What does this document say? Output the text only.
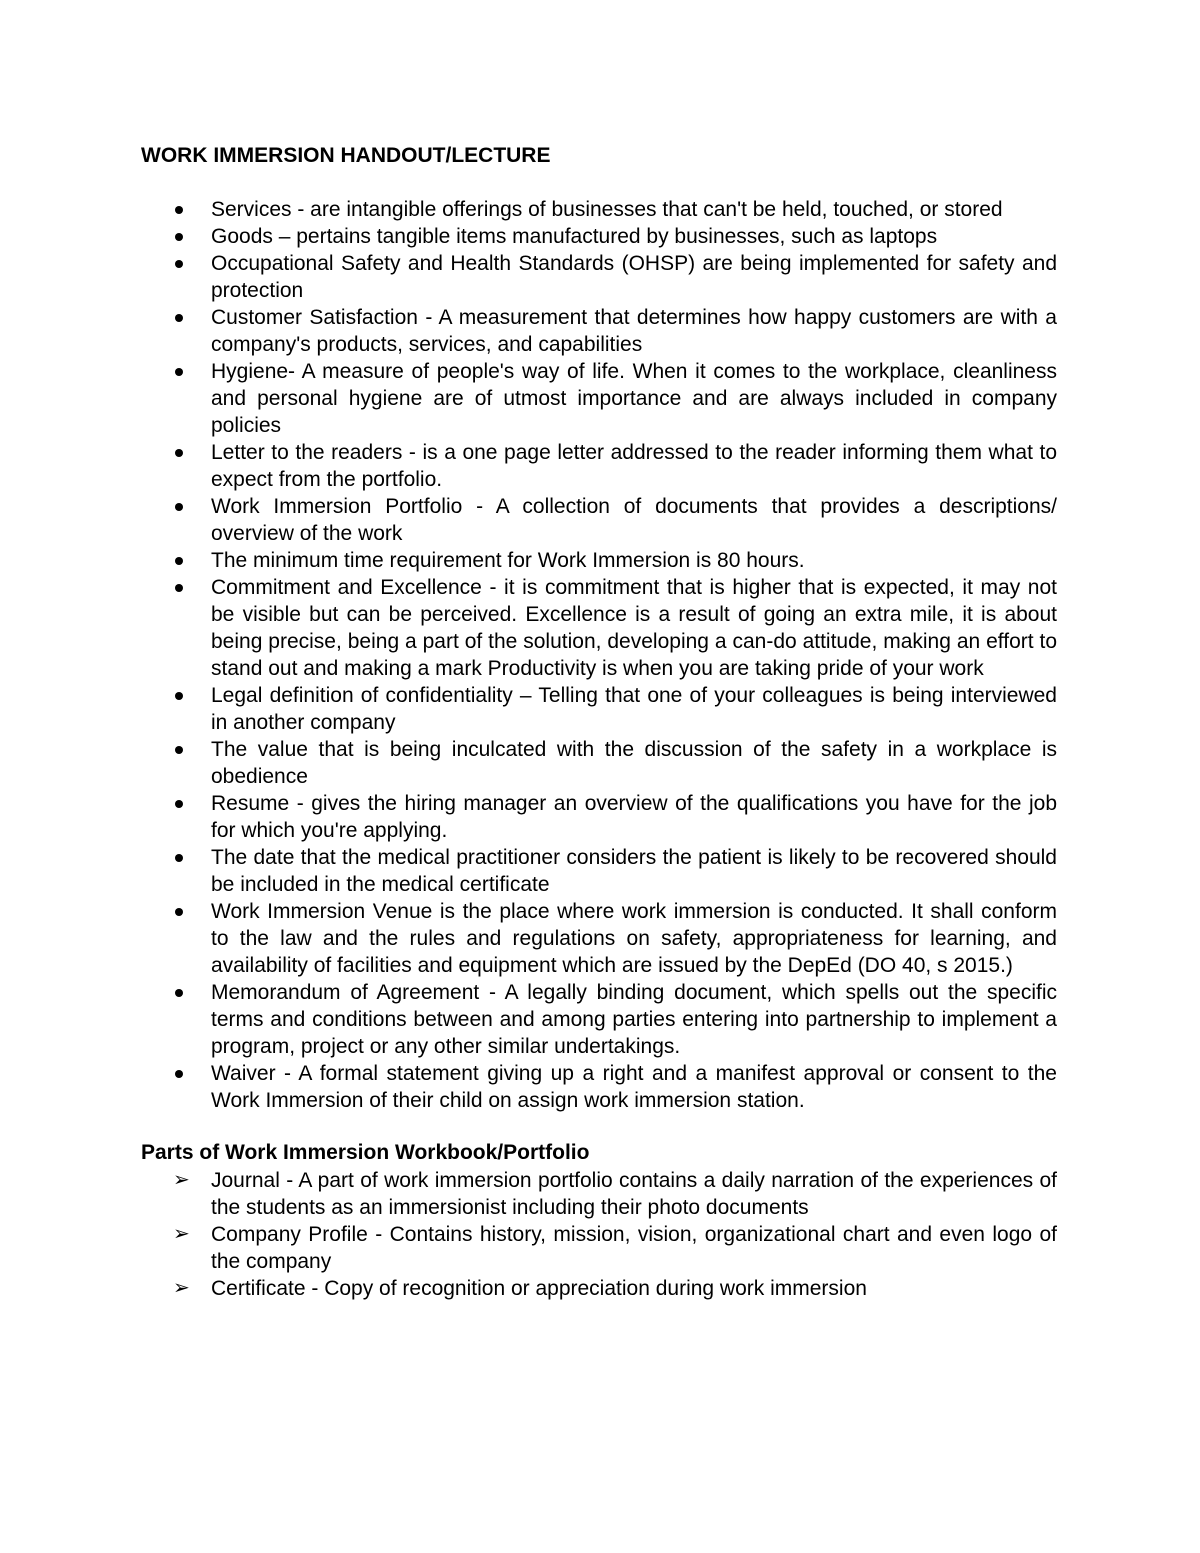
WORK IMMERSION HANDOUT/LECTURE
Services - are intangible offerings of businesses that can't be held, touched, or stored
Goods – pertains tangible items manufactured by businesses, such as laptops
Occupational Safety and Health Standards (OHSP) are being implemented for safety and protection
Customer Satisfaction - A measurement that determines how happy customers are with a company's products, services, and capabilities
Hygiene- A measure of people's way of life. When it comes to the workplace, cleanliness and personal hygiene are of utmost importance and are always included in company policies
Letter to the readers - is a one page letter addressed to the reader informing them what to expect from the portfolio.
Work Immersion Portfolio - A collection of documents that provides a descriptions/ overview of the work
The minimum time requirement for Work Immersion is 80 hours.
Commitment and Excellence - it is commitment that is higher that is expected, it may not be visible but can be perceived. Excellence is a result of going an extra mile, it is about being precise, being a part of the solution, developing a can-do attitude, making an effort to stand out and making a mark Productivity is when you are taking pride of your work
Legal definition of confidentiality – Telling that one of your colleagues is being interviewed in another company
The value that is being inculcated with the discussion of the safety in a workplace is obedience
Resume - gives the hiring manager an overview of the qualifications you have for the job for which you're applying.
The date that the medical practitioner considers the patient is likely to be recovered should be included in the medical certificate
Work Immersion Venue is the place where work immersion is conducted. It shall conform to the law and the rules and regulations on safety, appropriateness for learning, and availability of facilities and equipment which are issued by the DepEd (DO 40, s 2015.)
Memorandum of Agreement - A legally binding document, which spells out the specific terms and conditions between and among parties entering into partnership to implement a program, project or any other similar undertakings.
Waiver - A formal statement giving up a right and a manifest approval or consent to the Work Immersion of their child on assign work immersion station.
Parts of Work Immersion Workbook/Portfolio
➢ Journal - A part of work immersion portfolio contains a daily narration of the experiences of the students as an immersionist including their photo documents
➢ Company Profile - Contains history, mission, vision, organizational chart and even logo of the company
➢ Certificate - Copy of recognition or appreciation during work immersion
